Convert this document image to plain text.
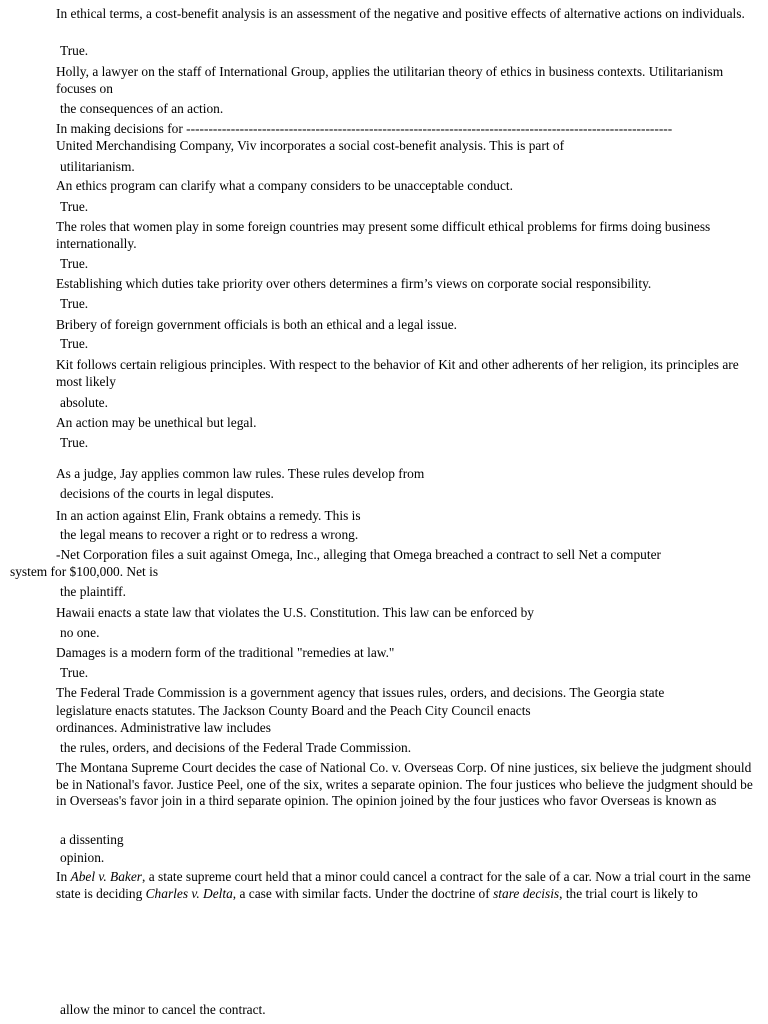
In ethical terms, a cost-benefit analysis is an assessment of the negative and positive effects of alternative actions on individuals.
True.
Holly, a lawyer on the staff of International Group, applies the utilitarian theory of ethics in business contexts. Utilitarianism focuses on
the consequences of an action.
In making decisions for -------------------------------------------------------------------------------------------------------------
United Merchandising Company, Viv incorporates a social cost-benefit analysis. This is part of
utilitarianism.
An ethics program can clarify what a company considers to be unacceptable conduct.
True.
The roles that women play in some foreign countries may present some difficult ethical problems for firms doing business internationally.
True.
Establishing which duties take priority over others determines a firm’s views on corporate social responsibility.
True.
Bribery of foreign government officials is both an ethical and a legal issue.
True.
Kit follows certain religious principles. With respect to the behavior of Kit and other adherents of her religion, its principles are most likely
absolute.
An action may be unethical but legal.
True.
As a judge, Jay applies common law rules. These rules develop from
decisions of the courts in legal disputes.
In an action against Elin, Frank obtains a remedy. This is
the legal means to recover a right or to redress a wrong.
-Net Corporation files a suit against Omega, Inc., alleging that Omega breached a contract to sell Net a computer
system for $100,000. Net is
the plaintiff.
Hawaii enacts a state law that violates the U.S. Constitution. This law can be enforced by
no one.
Damages is a modern form of the traditional "remedies at law."
True.
The Federal Trade Commission is a government agency that issues rules, orders, and decisions. The Georgia state
legislature enacts statutes. The Jackson County Board and the Peach City Council enacts
ordinances. Administrative law includes
the rules, orders, and decisions of the Federal Trade Commission.
The Montana Supreme Court decides the case of National Co. v. Overseas Corp. Of nine justices, six believe the judgment should be in National's favor. Justice Peel, one of the six, writes a separate opinion. The four justices who believe the judgment should be in Overseas's favor join in a third separate opinion. The opinion joined by the four justices who favor Overseas is known as
a dissenting
opinion.
In Abel v. Baker, a state supreme court held that a minor could cancel a contract for the sale of a car. Now a trial court in the same state is deciding Charles v. Delta, a case with similar facts. Under the doctrine of stare decisis, the trial court is likely to
allow the minor to cancel the contract.
